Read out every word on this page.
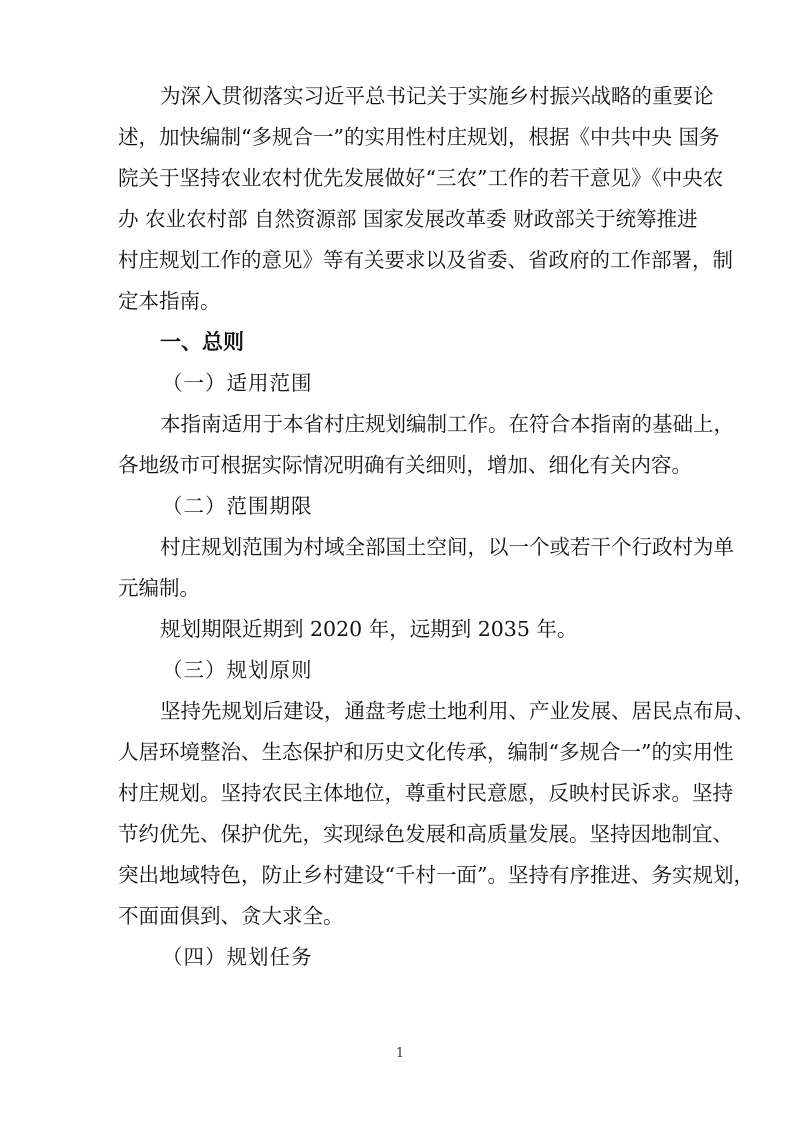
为深入贯彻落实习近平总书记关于实施乡村振兴战略的重要论
述，加快编制“多规合一”的实用性村庄规划，根据《中共中央 国务
院关于坚持农业农村优先发展做好“三农”工作的若干意见》《中央农
办 农业农村部 自然资源部 国家发展改革委 财政部关于统筹推进
村庄规划工作的意见》等有关要求以及省委、省政府的工作部署，制
定本指南。
一、总则
（一）适用范围
本指南适用于本省村庄规划编制工作。在符合本指南的基础上，
各地级市可根据实际情况明确有关细则，增加、细化有关内容。
（二）范围期限
村庄规划范围为村域全部国土空间，以一个或若干个行政村为单
元编制。
规划期限近期到 2020 年，远期到 2035 年。
（三）规划原则
坚持先规划后建设，通盘考虑土地利用、产业发展、居民点布局、
人居环境整治、生态保护和历史文化传承，编制“多规合一”的实用性
村庄规划。坚持农民主体地位，尊重村民意愿，反映村民诉求。坚持
节约优先、保护优先，实现绿色发展和高质量发展。坚持因地制宜、
突出地域特色，防止乡村建设“千村一面”。坚持有序推进、务实规划，
不面面俱到、贪大求全。
（四）规划任务
1
